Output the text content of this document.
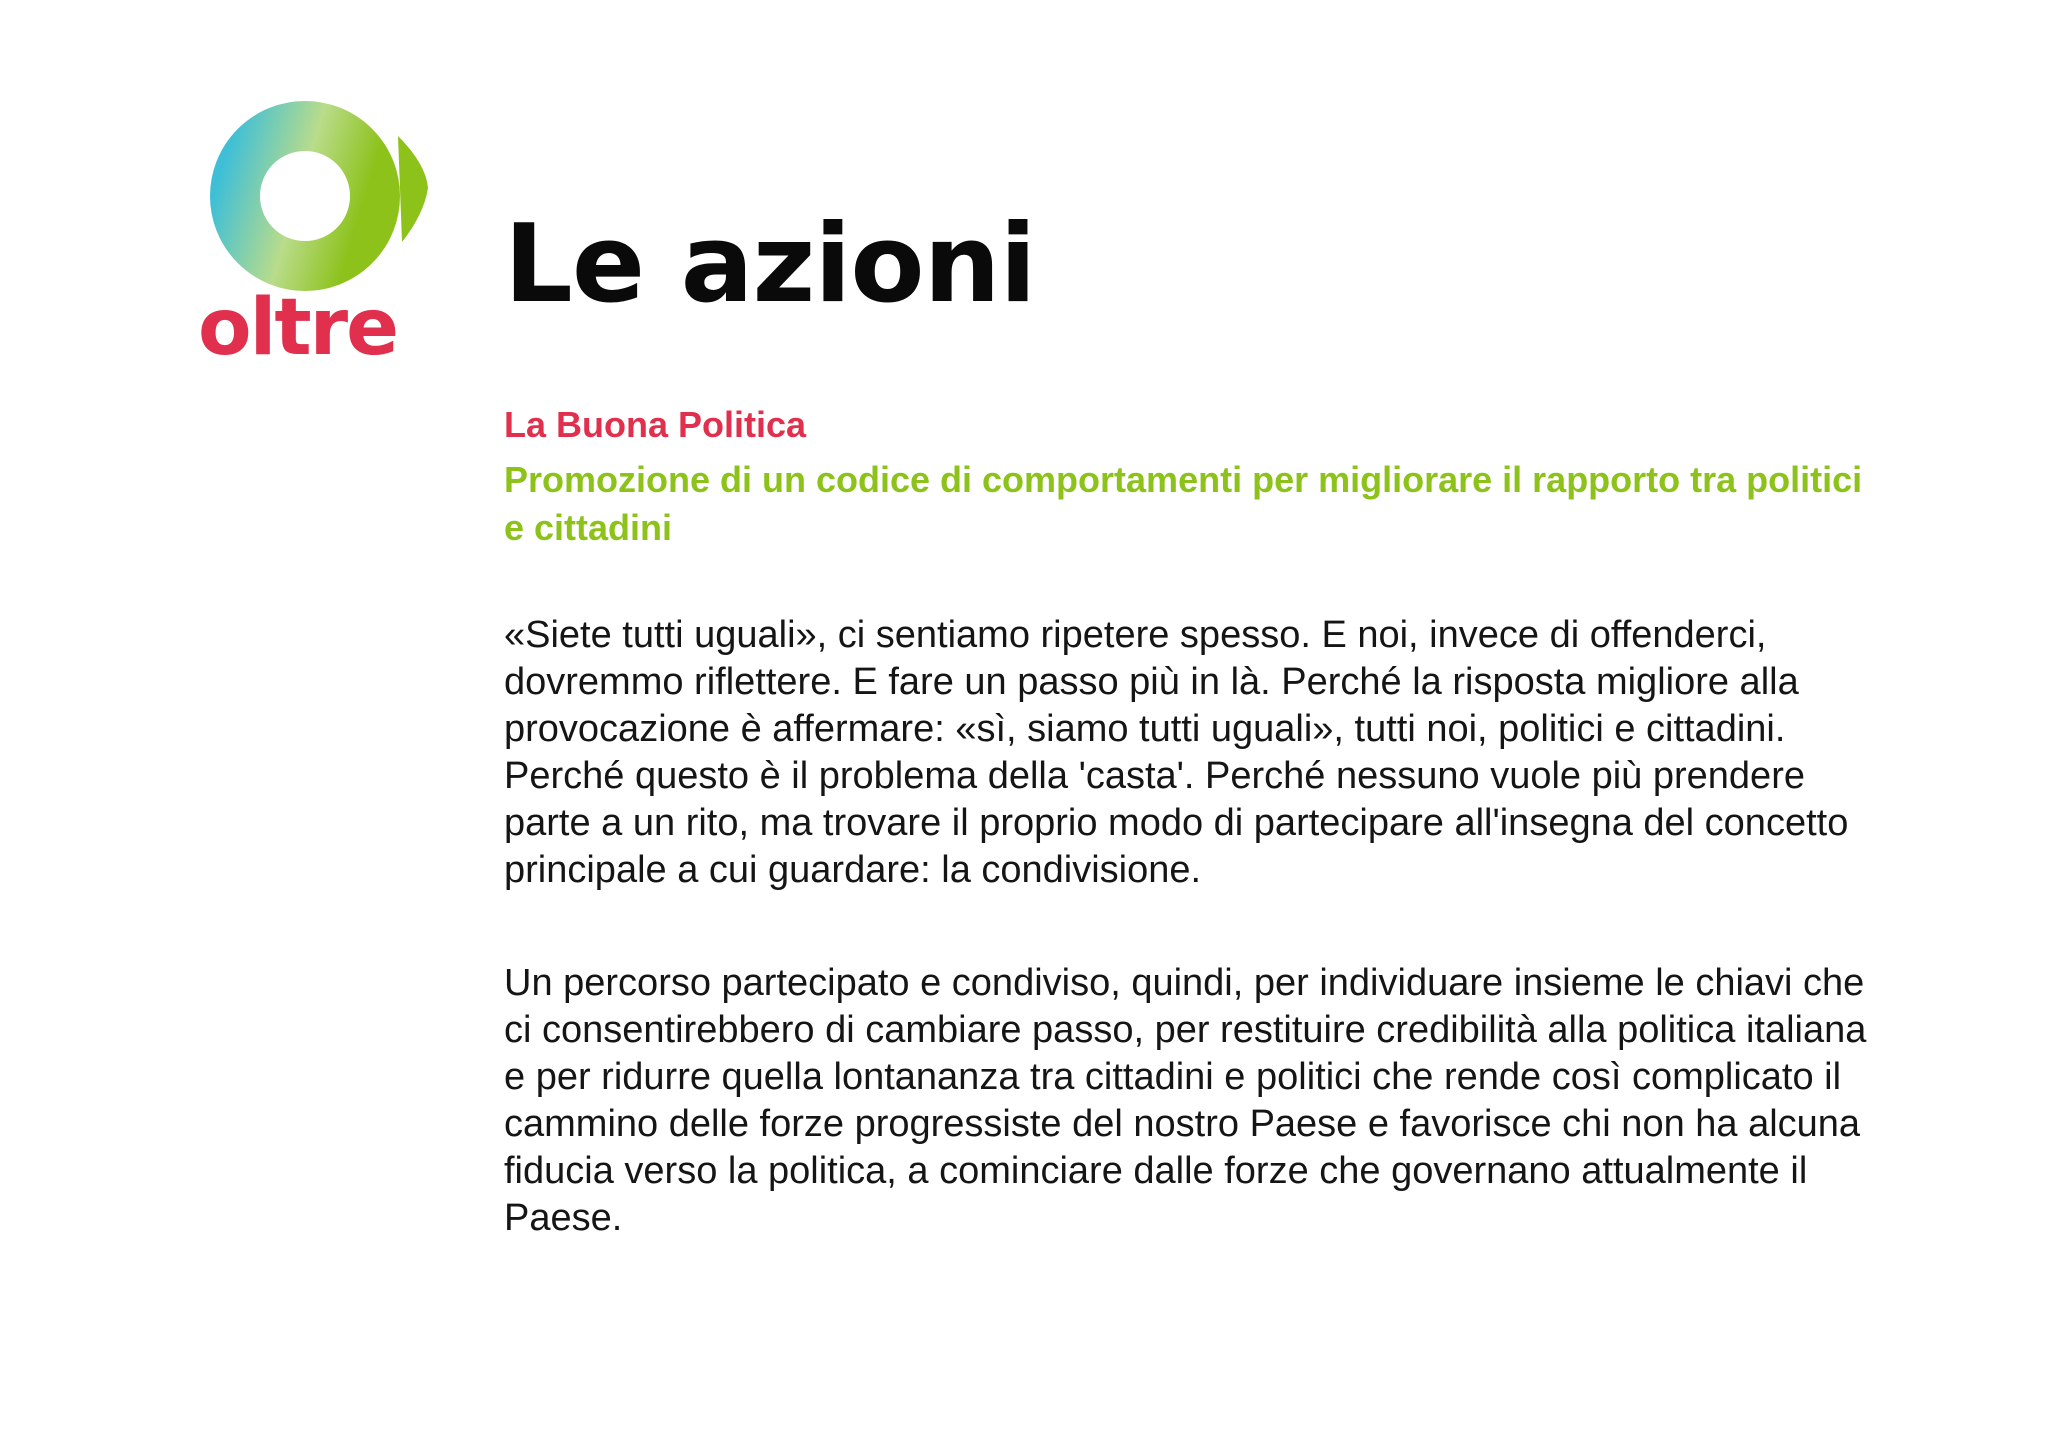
oltre
Le azioni

La Buona Politica

Promozione di un codice di comportamenti per migliorare il rapporto tra politici e cittadini

«Siete tutti uguali», ci sentiamo ripetere spesso. E noi, invece di offenderci, dovremmo riflettere. E fare un passo più in là. Perché la risposta migliore alla provocazione è affermare: «sì, siamo tutti uguali», tutti noi, politici e cittadini. Perché questo è il problema della 'casta'. Perché nessuno vuole più prendere parte a un rito, ma trovare il proprio modo di partecipare all'insegna del concetto principale a cui guardare: la condivisione.

Un percorso partecipato e condiviso, quindi, per individuare insieme le chiavi che ci consentirebbero di cambiare passo, per restituire credibilità alla politica italiana e per ridurre quella lontananza tra cittadini e politici che rende così complicato il cammino delle forze progressiste del nostro Paese e favorisce chi non ha alcuna fiducia verso la politica, a cominciare dalle forze che governano attualmente il Paese.
